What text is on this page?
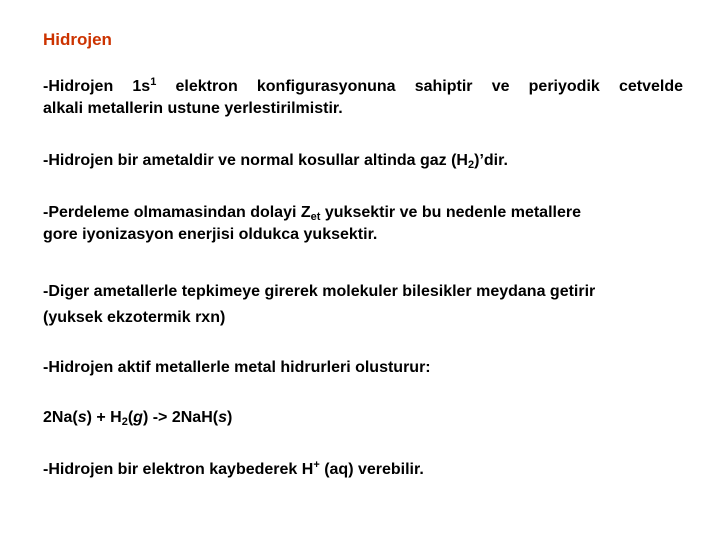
Hidrojen
-Hidrojen $1s^1$ elektron konfigurasyonuna sahiptir ve periyodik cetvelde
alkali metallerin ustune yerlestirilmistir.
-Hidrojen bir ametaldir ve normal kosullar altinda gaz $(H_2)’dir$.
-Perdeleme olmamasindan dolayi $Z_{et}$ yuksektir ve bu nedenle metallere
gore iyonizasyon enerjisi oldukca yuksektir.
-Diger ametallerle tepkimeye girerek molekuler bilesikler meydana getirir
(yuksek ekzotermik rxn)
-Hidrojen aktif metallerle metal hidrurleri olusturur:
$2Na(s) + H_2(g) -> 2NaH(s)$
-Hidrojen bir elektron kaybederek H+ (aq) verebilir.
